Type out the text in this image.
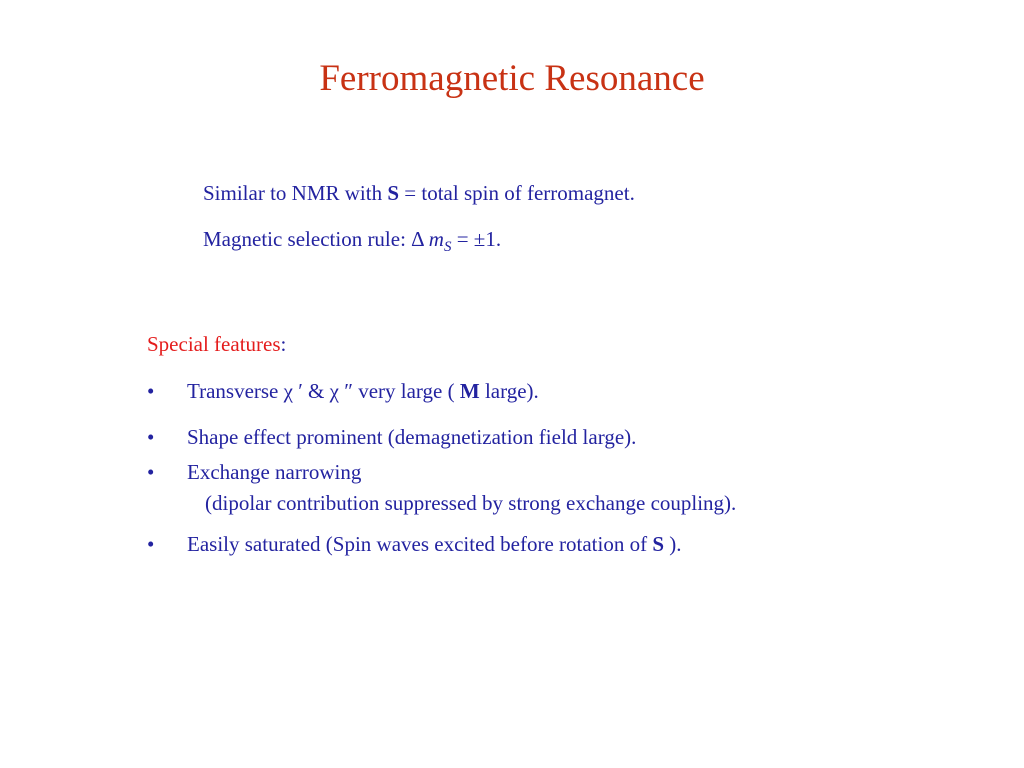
Ferromagnetic Resonance
Similar to NMR with S = total spin of ferromagnet.
Magnetic selection rule: Δ $m_S = \pm 1$.
Special features:
• Transverse χ ′ & χ ″ very large ( M large).
• Shape effect prominent (demagnetization field large).
• Exchange narrowing
(dipolar contribution suppressed by strong exchange coupling).
• Easily saturated (Spin waves excited before rotation of S ).
